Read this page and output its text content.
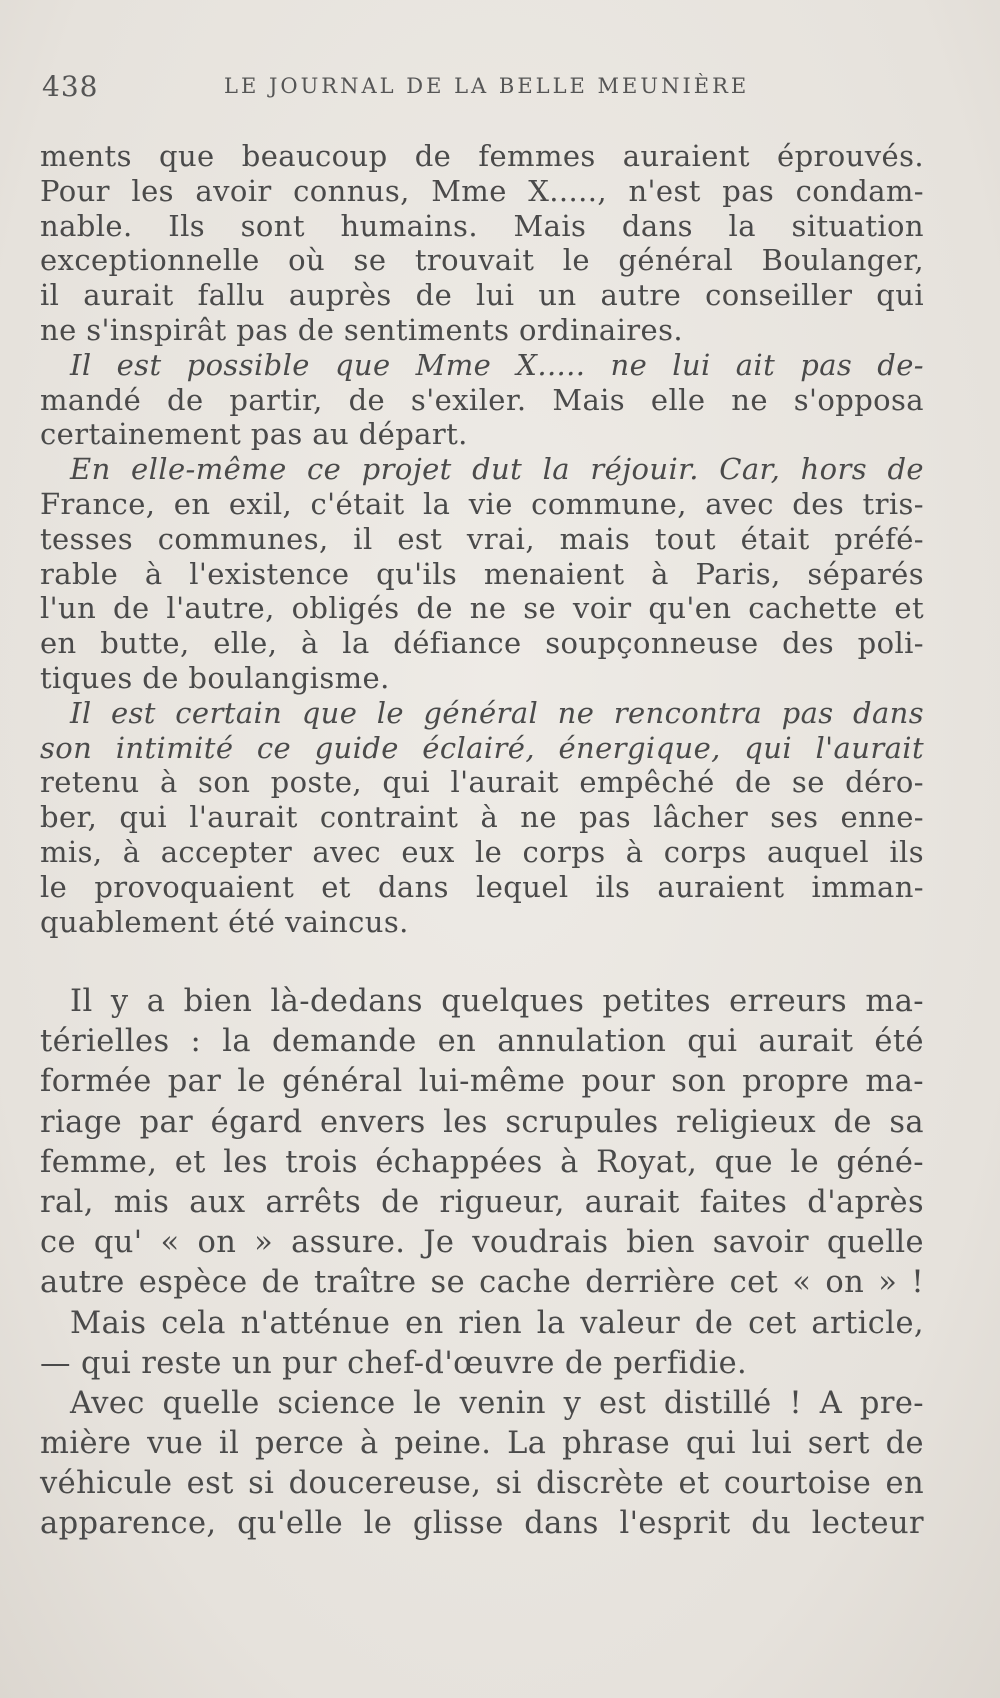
438	LE JOURNAL DE LA BELLE MEUNIÈRE
ments que beaucoup de femmes auraient éprouvés.
Pour les avoir connus, Mme X....., n'est pas condam-
nable. Ils sont humains. Mais dans la situation
exceptionnelle où se trouvait le général Boulanger,
il aurait fallu auprès de lui un autre conseiller qui
ne s'inspirât pas de sentiments ordinaires.
Il est possible que Mme X..... ne lui ait pas de-
mandé de partir, de s'exiler. Mais elle ne s'opposa
certainement pas au départ.
En elle-même ce projet dut la réjouir. Car, hors de
France, en exil, c'était la vie commune, avec des tris-
tesses communes, il est vrai, mais tout était préfé-
rable à l'existence qu'ils menaient à Paris, séparés
l'un de l'autre, obligés de ne se voir qu'en cachette et
en butte, elle, à la défiance soupçonneuse des poli-
tiques de boulangisme.
Il est certain que le général ne rencontra pas dans
son intimité ce guide éclairé, énergique, qui l'aurait
retenu à son poste, qui l'aurait empêché de se déro-
ber, qui l'aurait contraint à ne pas lâcher ses enne-
mis, à accepter avec eux le corps à corps auquel ils
le provoquaient et dans lequel ils auraient imman-
quablement été vaincus.
Il y a bien là-dedans quelques petites erreurs ma-
térielles : la demande en annulation qui aurait été
formée par le général lui-même pour son propre ma-
riage par égard envers les scrupules religieux de sa
femme, et les trois échappées à Royat, que le géné-
ral, mis aux arrêts de rigueur, aurait faites d'après
ce qu' « on » assure. Je voudrais bien savoir quelle
autre espèce de traître se cache derrière cet « on » !
Mais cela n'atténue en rien la valeur de cet article,
— qui reste un pur chef-d'œuvre de perfidie.
Avec quelle science le venin y est distillé ! A pre-
mière vue il perce à peine. La phrase qui lui sert de
véhicule est si doucereuse, si discrète et courtoise en
apparence, qu'elle le glisse dans l'esprit du lecteur
